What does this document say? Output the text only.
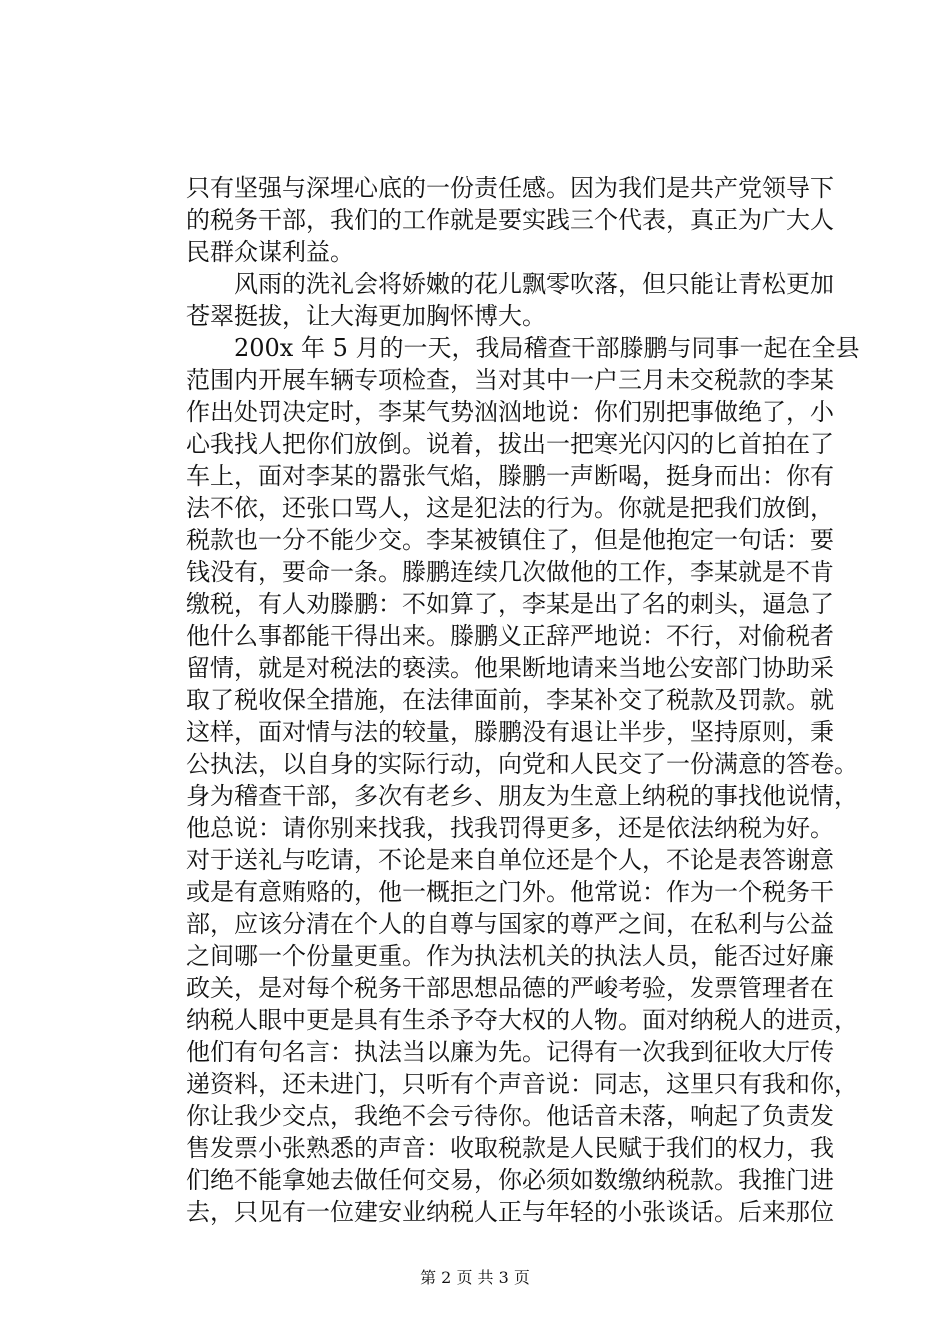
只有坚强与深埋心底的一份责任感。因为我们是共产党领导下
的税务干部，我们的工作就是要实践三个代表，真正为广大人
民群众谋利益。
　　风雨的洗礼会将娇嫩的花儿飘零吹落，但只能让青松更加
苍翠挺拔，让大海更加胸怀博大。
　　200x 年 5 月的一天，我局稽查干部滕鹏与同事一起在全县
范围内开展车辆专项检查，当对其中一户三月未交税款的李某
作出处罚决定时，李某气势汹汹地说：你们别把事做绝了，小
心我找人把你们放倒。说着，拔出一把寒光闪闪的匕首拍在了
车上，面对李某的嚣张气焰，滕鹏一声断喝，挺身而出：你有
法不依，还张口骂人，这是犯法的行为。你就是把我们放倒，
税款也一分不能少交。李某被镇住了，但是他抱定一句话：要
钱没有，要命一条。滕鹏连续几次做他的工作，李某就是不肯
缴税，有人劝滕鹏：不如算了，李某是出了名的刺头，逼急了
他什么事都能干得出来。滕鹏义正辞严地说：不行，对偷税者
留情，就是对税法的亵渎。他果断地请来当地公安部门协助采
取了税收保全措施，在法律面前，李某补交了税款及罚款。就
这样，面对情与法的较量，滕鹏没有退让半步，坚持原则，秉
公执法，以自身的实际行动，向党和人民交了一份满意的答卷。
身为稽查干部，多次有老乡、朋友为生意上纳税的事找他说情，
他总说：请你别来找我，找我罚得更多，还是依法纳税为好。
对于送礼与吃请，不论是来自单位还是个人，不论是表答谢意
或是有意贿赂的，他一概拒之门外。他常说：作为一个税务干
部，应该分清在个人的自尊与国家的尊严之间，在私利与公益
之间哪一个份量更重。作为执法机关的执法人员，能否过好廉
政关，是对每个税务干部思想品德的严峻考验，发票管理者在
纳税人眼中更是具有生杀予夺大权的人物。面对纳税人的进贡，
他们有句名言：执法当以廉为先。记得有一次我到征收大厅传
递资料，还未进门，只听有个声音说：同志，这里只有我和你，
你让我少交点，我绝不会亏待你。他话音未落，响起了负责发
售发票小张熟悉的声音：收取税款是人民赋于我们的权力，我
们绝不能拿她去做任何交易，你必须如数缴纳税款。我推门进
去，只见有一位建安业纳税人正与年轻的小张谈话。后来那位
第 2 页 共 3 页
